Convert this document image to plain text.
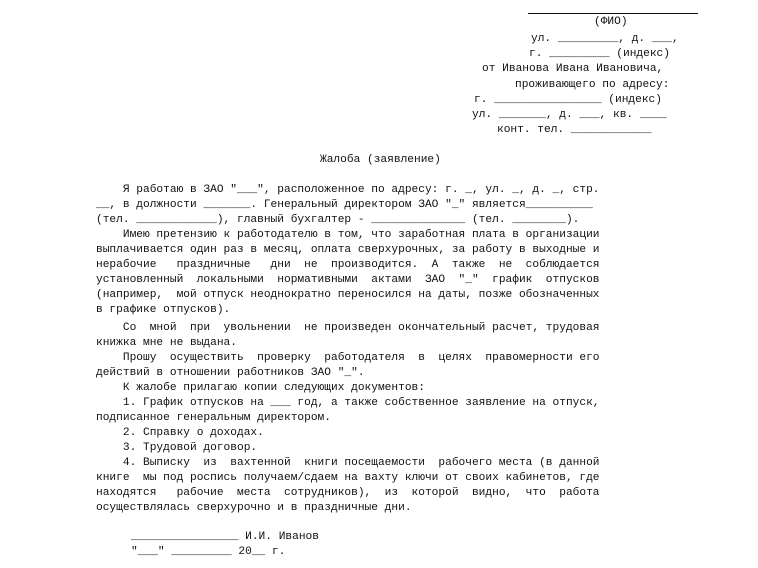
(ФИО)
ул. _________, д. ___,
г. _________ (индекс)
от Иванова Ивана Ивановича,
проживающего по адресу:
г. ________________ (индекс)
ул. _______, д. ___, кв. ____
конт. тел. ____________
Жалоба (заявление)
Я работаю в ЗАО "___", расположенное по адресу: г. _, ул. _, д. _, стр.
__, в должности _______. Генеральный директором ЗАО "_" является__________
(тел. ____________), главный бухгалтер - ______________ (тел. ________).
Имею претензию к работодателю в том, что заработная плата в организации
выплачивается один раз в месяц, оплата сверхурочных, за работу в выходные и
нерабочие   праздничные   дни  не  производится.  А  также  не  соблюдается
установленный  локальными  нормативными  актами  ЗАО  "_"  график  отпусков
(например,  мой отпуск неоднократно переносился на даты, позже обозначенных
в графике отпусков).
Со  мной  при  увольнении  не произведен окончательный расчет, трудовая
книжка мне не выдана.
Прошу  осуществить  проверку  работодателя  в  целях  правомерности его
действий в отношении работников ЗАО "_".
К жалобе прилагаю копии следующих документов:
1. График отпусков на ___ год, а также собственное заявление на отпуск,
подписанное генеральным директором.
2. Справку о доходах.
3. Трудовой договор.
4. Выписку  из  вахтенной  книги посещаемости  рабочего места (в данной
книге  мы под роспись получаем/сдаем на вахту ключи от своих кабинетов, где
находятся   рабочие  места  сотрудников),  из  которой  видно,  что  работа
осуществлялась сверхурочно и в праздничные дни.
________________ И.И. Иванов
"___" _________ 20__ г.
